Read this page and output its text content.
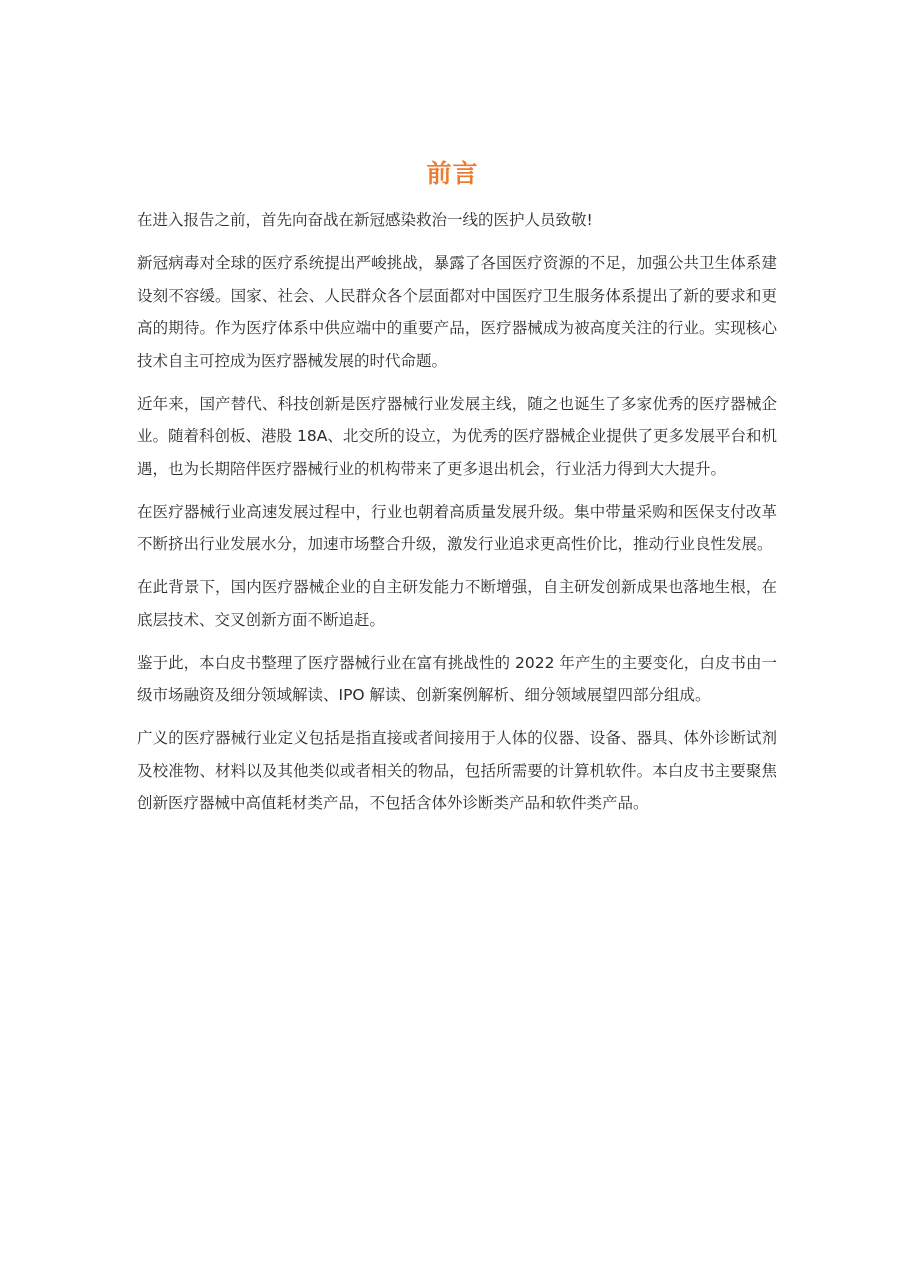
前言

在进入报告之前，首先向奋战在新冠感染救治一线的医护人员致敬!

新冠病毒对全球的医疗系统提出严峻挑战，暴露了各国医疗资源的不足，加强公共卫生体系建设刻不容缓。国家、社会、人民群众各个层面都对中国医疗卫生服务体系提出了新的要求和更高的期待。作为医疗体系中供应端中的重要产品，医疗器械成为被高度关注的行业。实现核心技术自主可控成为医疗器械发展的时代命题。

近年来，国产替代、科技创新是医疗器械行业发展主线，随之也诞生了多家优秀的医疗器械企业。随着科创板、港股 18A、北交所的设立，为优秀的医疗器械企业提供了更多发展平台和机遇，也为长期陪伴医疗器械行业的机构带来了更多退出机会，行业活力得到大大提升。

在医疗器械行业高速发展过程中，行业也朝着高质量发展升级。集中带量采购和医保支付改革不断挤出行业发展水分，加速市场整合升级，激发行业追求更高性价比，推动行业良性发展。

在此背景下，国内医疗器械企业的自主研发能力不断增强，自主研发创新成果也落地生根，在底层技术、交叉创新方面不断追赶。

鉴于此，本白皮书整理了医疗器械行业在富有挑战性的 2022 年产生的主要变化，白皮书由一级市场融资及细分领域解读、IPO 解读、创新案例解析、细分领域展望四部分组成。

广义的医疗器械行业定义包括是指直接或者间接用于人体的仪器、设备、器具、体外诊断试剂及校准物、材料以及其他类似或者相关的物品，包括所需要的计算机软件。本白皮书主要聚焦创新医疗器械中高值耗材类产品，不包括含体外诊断类产品和软件类产品。
